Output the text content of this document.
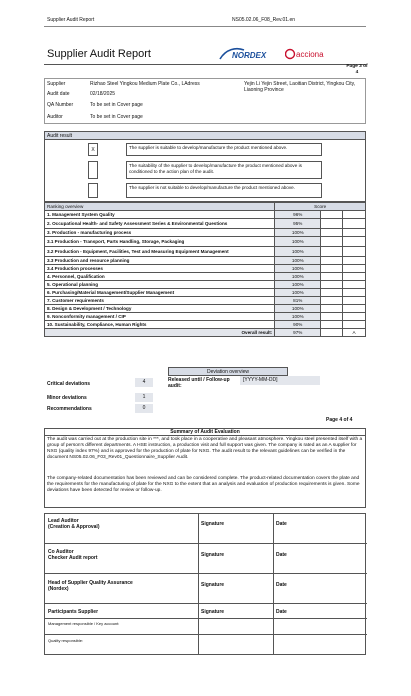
Supplier Audit Report	NS05.02.06_F08_Rev.01.en
Supplier Audit Report	NORDEX	acciona
Page 3 of 4
Supplier	Rizhao Steel Yingkou Medium Plate Co., LAdress	Yejin Li Yejin Street, Laoitian District, Yingkou City, Liaoning Province
Audit date	02/18/2025
QA Number	To be set in Cover page
Auditor	To be set in Cover page
Audit result
X	The supplier is suitable to develop/manufacture the product mentioned above.
The suitability of the supplier to develop/manufacture the product mentioned above is conditioned to the action plan of the audit.
The supplier is not suitable to develop/manufacture the product mentioned above.
Ranking overview	Score		
1. Management System Quality	96%		
2. Occupational Health- and Safety Assessment Series & Environmental Questions	95%		
3. Production - manufacturing process	100%		
3.1 Production - Transport, Parts Handling, Storage, Packaging	100%		
3.2 Production - Equipment, Facilities, Test and Measuring Equipment Management	100%		
3.3 Production and resource planning	100%		
3.4 Production processes	100%		
4. Personnel, Qualification	100%		
5. Operational planning	100%		
6. Purchasing/Material Management/Supplier Management	100%		
7. Customer requirements	81%		
8. Design & Development / Technology	100%		
9. Nonconformity management / CIP	100%		
10. Sustainability, Compliance, Human Rights	90%		
Overall result:	97%		A
Deviation overview
Critical deviations	4	Released until / Follow-up audit:
[YYYY-MM-DD]
Minor deviations	1
Recommendations	0
Page 4 of 4
Summary of Audit Evaluation
The audit was carried out at the production site in ***, and took place in a cooperative and pleasant atmosphere. Yingkou steel presented itself with a group of person's different departments. A HSE instruction, a production visit and full support was given. The company is rated as an A supplier for NXG (quality index 97%) and is approved for the production of plate for NXG. The audit result to the relevant guidelines can be verified in the document NS05.02.06_F03_Rev01_Questionnaire_Supplier Audit.
The company-related documentation has been reviewed and can be considered complete. The product-related documentation covers the plate and the requirements for the manufacturing of plate for the NXG to the extent that an analysis and evaluation of production requirements is given. Some deviations have been detected for review or follow-up.
Lead Auditor
(Creation & Approval)	Signature	Date
Co Auditor
Checker Audit report	Signature	Date
Head of Supplier Quality Assurance
(Nordex)
Signature	Date
Participants Supplier	Signature	Date
Management responsible / Key account:
Quality responsible:
